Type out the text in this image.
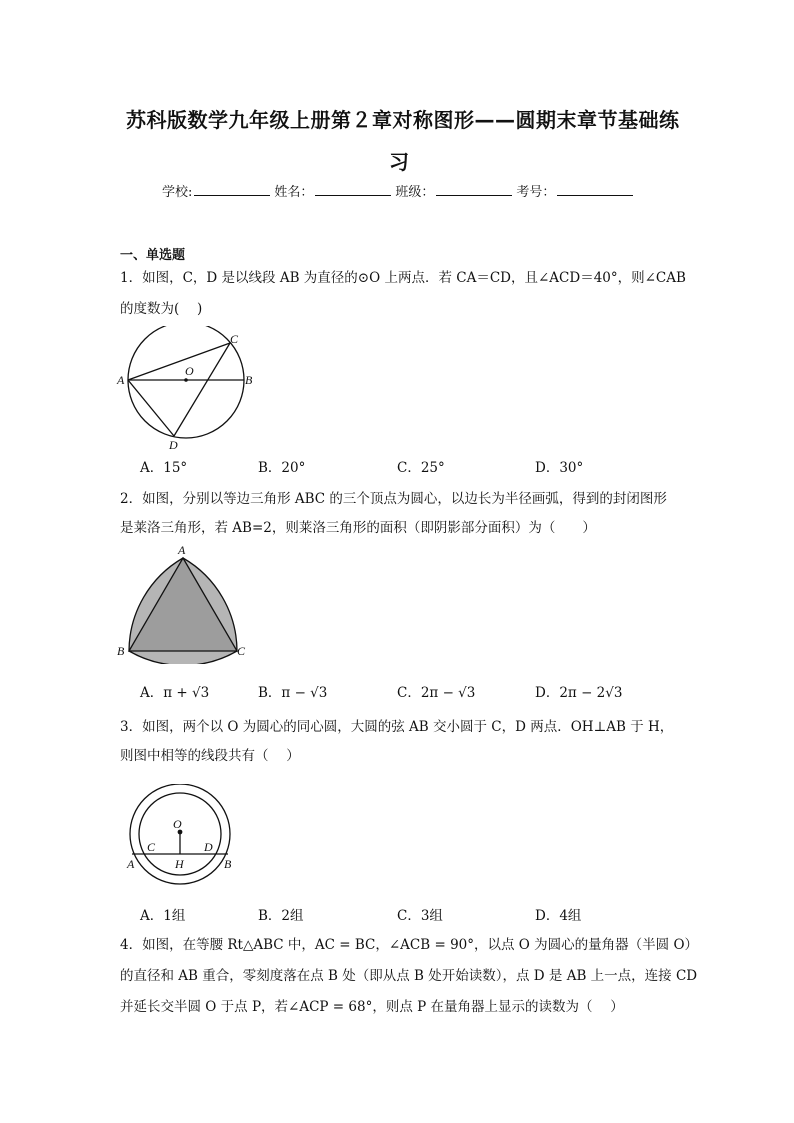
苏科版数学九年级上册第２章对称图形——圆期末章节基础练
习
学校:	姓名：	班级：	考号：
一、单选题
1．如图，C，D 是以线段 AB 为直径的⊙O 上两点．若 CA＝CD，且∠ACD＝40°，则∠CAB
的度数为(　 )
A	B
C
D
O
A．15°	B．20°	C．25°	D．30°
2．如图，分别以等边三角形 ABC 的三个顶点为圆心，以边长为半径画弧，得到的封闭图形
是莱洛三角形，若 AB=2，则莱洛三角形的面积（即阴影部分面积）为（　　）
A
B	C
A．π + √3	B．π − √3	C．2π − √3	D．2π − 2√3
3．如图，两个以 O 为圆心的同心圆，大圆的弦 AB 交小圆于 C，D 两点．OH⊥AB 于 H，
则图中相等的线段共有（　 ）
O
C	D
A	H	B
A．1组	B．2组	C．3组	D．4组
4．如图，在等腰 Rt△ABC 中，AC = BC，∠ACB = 90°，以点 O 为圆心的量角器（半圆 O）
的直径和 AB 重合，零刻度落在点 B 处（即从点 B 处开始读数），点 D 是 AB 上一点，连接 CD
并延长交半圆 O 于点 P，若∠ACP = 68°，则点 P 在量角器上显示的读数为（　 ）
